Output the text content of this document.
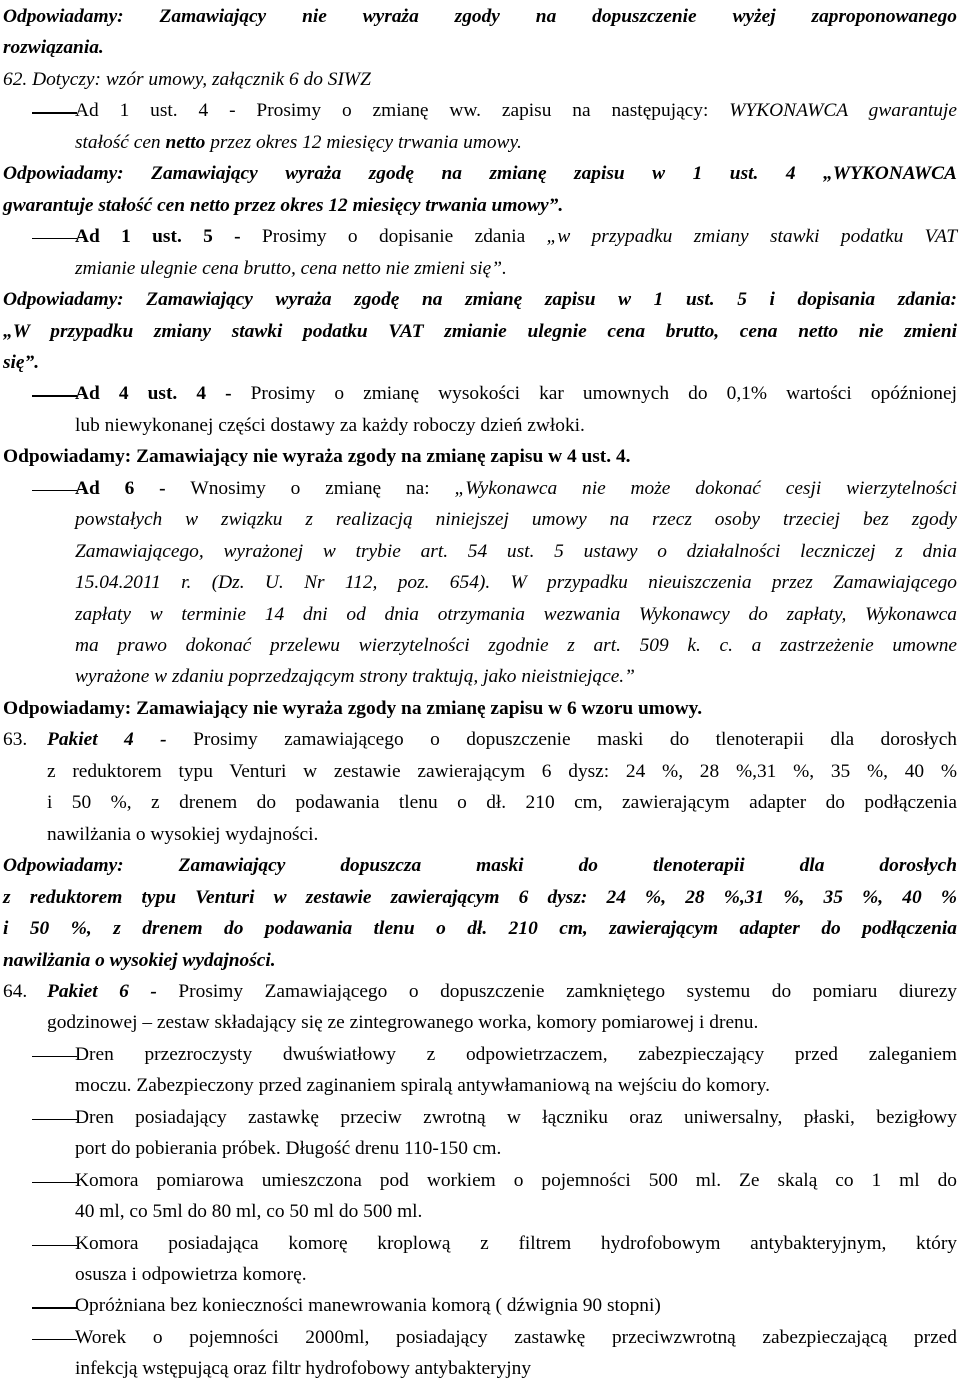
Odpowiadamy: Zamawiający nie wyraża zgody na dopuszczenie wyżej zaproponowanego
rozwiązania.
62. Dotyczy: wzór umowy, załącznik 6 do SIWZ
Ad 1 ust. 4 - Prosimy o zmianę ww. zapisu na następujący: WYKONAWCA gwarantuje
stałość cen netto przez okres 12 miesięcy trwania umowy.
Odpowiadamy: Zamawiający wyraża zgodę na zmianę zapisu w 1 ust. 4 „WYKONAWCA
gwarantuje stałość cen netto przez okres 12 miesięcy trwania umowy”.
Ad 1 ust. 5 - Prosimy o dopisanie zdania „w przypadku zmiany stawki podatku VAT
zmianie ulegnie cena brutto, cena netto nie zmieni się”.
Odpowiadamy: Zamawiający wyraża zgodę na zmianę zapisu w 1 ust. 5 i dopisania zdania:
„W przypadku zmiany stawki podatku VAT zmianie ulegnie cena brutto, cena netto nie zmieni
się”.
Ad 4 ust. 4 - Prosimy o zmianę wysokości kar umownych do 0,1% wartości opóźnionej
lub niewykonanej części dostawy za każdy roboczy dzień zwłoki.
Odpowiadamy: Zamawiający nie wyraża zgody na zmianę zapisu w 4 ust. 4.
Ad 6 - Wnosimy o zmianę na: „Wykonawca nie może dokonać cesji wierzytelności
powstałych w związku z realizacją niniejszej umowy na rzecz osoby trzeciej bez zgody
Zamawiającego, wyrażonej w trybie art. 54 ust. 5 ustawy o działalności leczniczej z dnia
15.04.2011 r. (Dz. U. Nr 112, poz. 654). W przypadku nieuiszczenia przez Zamawiającego
zapłaty w terminie 14 dni od dnia otrzymania wezwania Wykonawcy do zapłaty, Wykonawca
ma prawo dokonać przelewu wierzytelności zgodnie z art. 509 k. c. a zastrzeżenie umowne
wyrażone w zdaniu poprzedzającym strony traktują, jako nieistniejące.”
Odpowiadamy: Zamawiający nie wyraża zgody na zmianę zapisu w 6 wzoru umowy.
63. Pakiet 4 - Prosimy zamawiającego o dopuszczenie maski do tlenoterapii dla dorosłych
z reduktorem typu Venturi w zestawie zawierającym 6 dysz: 24 %, 28 %,31 %, 35 %, 40 %
i 50 %, z drenem do podawania tlenu o dł. 210 cm, zawierającym adapter do podłączenia
nawilżania o wysokiej wydajności.
Odpowiadamy: Zamawiający dopuszcza maski do tlenoterapii dla dorosłych
z reduktorem typu Venturi w zestawie zawierającym 6 dysz: 24 %, 28 %,31 %, 35 %, 40 %
i 50 %, z drenem do podawania tlenu o dł. 210 cm, zawierającym adapter do podłączenia
nawilżania o wysokiej wydajności.
64. Pakiet 6 - Prosimy Zamawiającego o dopuszczenie zamkniętego systemu do pomiaru diurezy
godzinowej – zestaw składający się ze zintegrowanego worka, komory pomiarowej i drenu.
Dren przezroczysty dwuświatłowy z odpowietrzaczem, zabezpieczający przed zaleganiem
moczu. Zabezpieczony przed zaginaniem spiralą antywłamaniową na wejściu do komory.
Dren posiadający zastawkę przeciw zwrotną w łączniku oraz uniwersalny, płaski, bezigłowy
port do pobierania próbek. Długość drenu 110-150 cm.
Komora pomiarowa umieszczona pod workiem o pojemności 500 ml. Ze skalą co 1 ml do
40 ml, co 5ml do 80 ml, co 50 ml do 500 ml.
Komora posiadająca komorę kroplową z filtrem hydrofobowym antybakteryjnym, który
osusza i odpowietrza komorę.
Opróżniana bez konieczności manewrowania komorą ( dźwignia 90 stopni)
Worek o pojemności 2000ml, posiadający zastawkę przeciwzwrotną zabezpieczającą przed
infekcją wstępującą oraz filtr hydrofobowy antybakteryjny
